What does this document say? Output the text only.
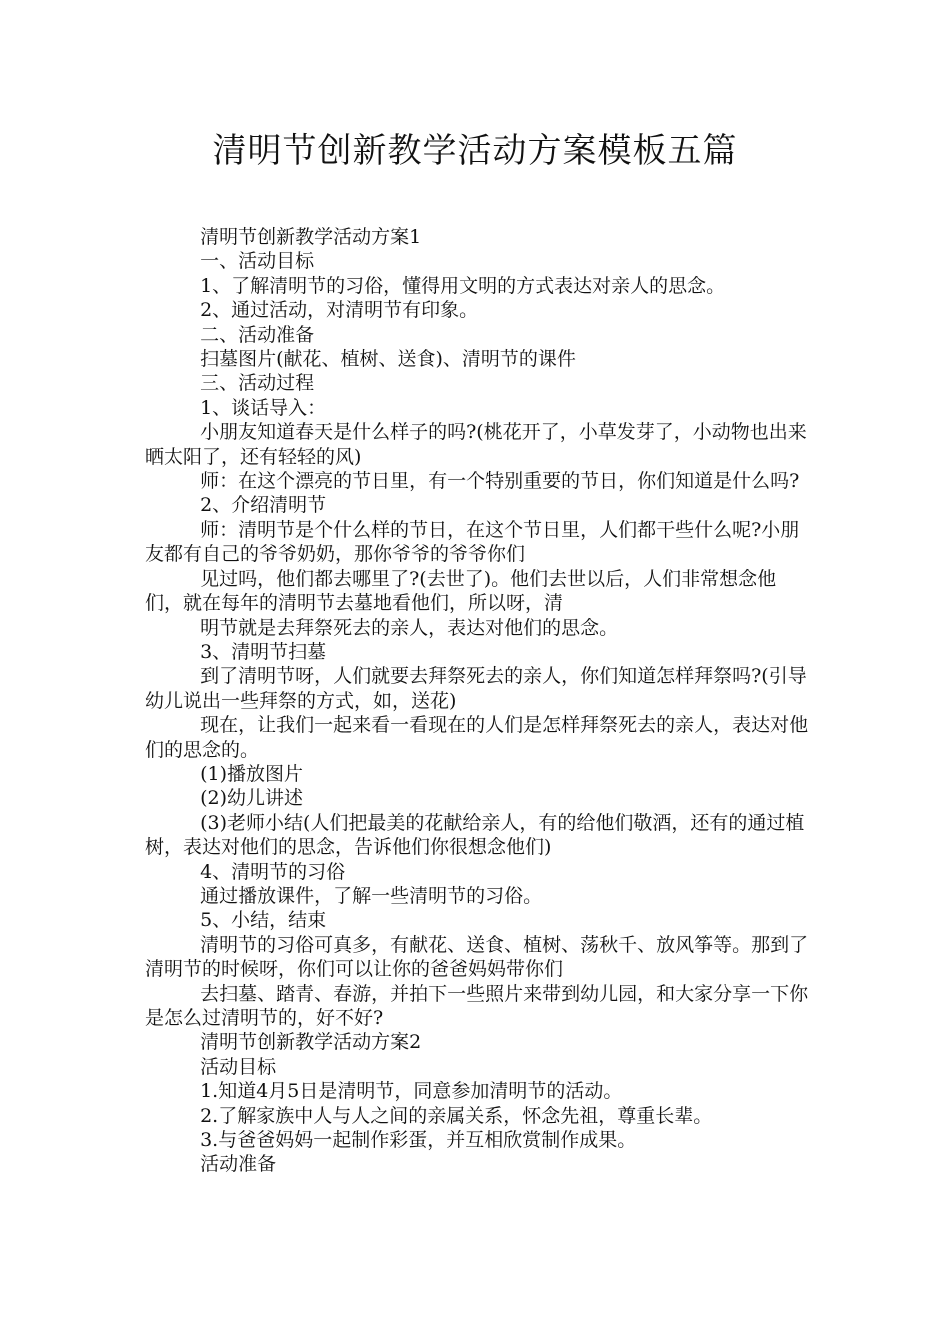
清明节创新教学活动方案模板五篇

清明节创新教学活动方案1

一、活动目标

1、了解清明节的习俗，懂得用文明的方式表达对亲人的思念。

2、通过活动，对清明节有印象。

二、活动准备

扫墓图片(献花、植树、送食)、清明节的课件

三、活动过程

1、谈话导入：

小朋友知道春天是什么样子的吗?(桃花开了，小草发芽了，小动物也出来晒太阳了，还有轻轻的风)

师：在这个漂亮的节日里，有一个特别重要的节日，你们知道是什么吗?

2、介绍清明节

师：清明节是个什么样的节日，在这个节日里，人们都干些什么呢?小朋友都有自己的爷爷奶奶，那你爷爷的爷爷你们

见过吗，他们都去哪里了?(去世了)。他们去世以后，人们非常想念他们，就在每年的清明节去墓地看他们，所以呀，清

明节就是去拜祭死去的亲人，表达对他们的思念。

3、清明节扫墓

到了清明节呀，人们就要去拜祭死去的亲人，你们知道怎样拜祭吗?(引导幼儿说出一些拜祭的方式，如，送花)

现在，让我们一起来看一看现在的人们是怎样拜祭死去的亲人，表达对他们的思念的。

(1)播放图片

(2)幼儿讲述

(3)老师小结(人们把最美的花献给亲人，有的给他们敬酒，还有的通过植树，表达对他们的思念，告诉他们你很想念他们)

4、清明节的习俗

通过播放课件，了解一些清明节的习俗。

5、小结，结束

清明节的习俗可真多，有献花、送食、植树、荡秋千、放风筝等。那到了清明节的时候呀，你们可以让你的爸爸妈妈带你们

去扫墓、踏青、春游，并拍下一些照片来带到幼儿园，和大家分享一下你是怎么过清明节的，好不好?

清明节创新教学活动方案2

活动目标

1.知道4月5日是清明节，同意参加清明节的活动。

2.了解家族中人与人之间的亲属关系，怀念先祖，尊重长辈。

3.与爸爸妈妈一起制作彩蛋，并互相欣赏制作成果。

活动准备
